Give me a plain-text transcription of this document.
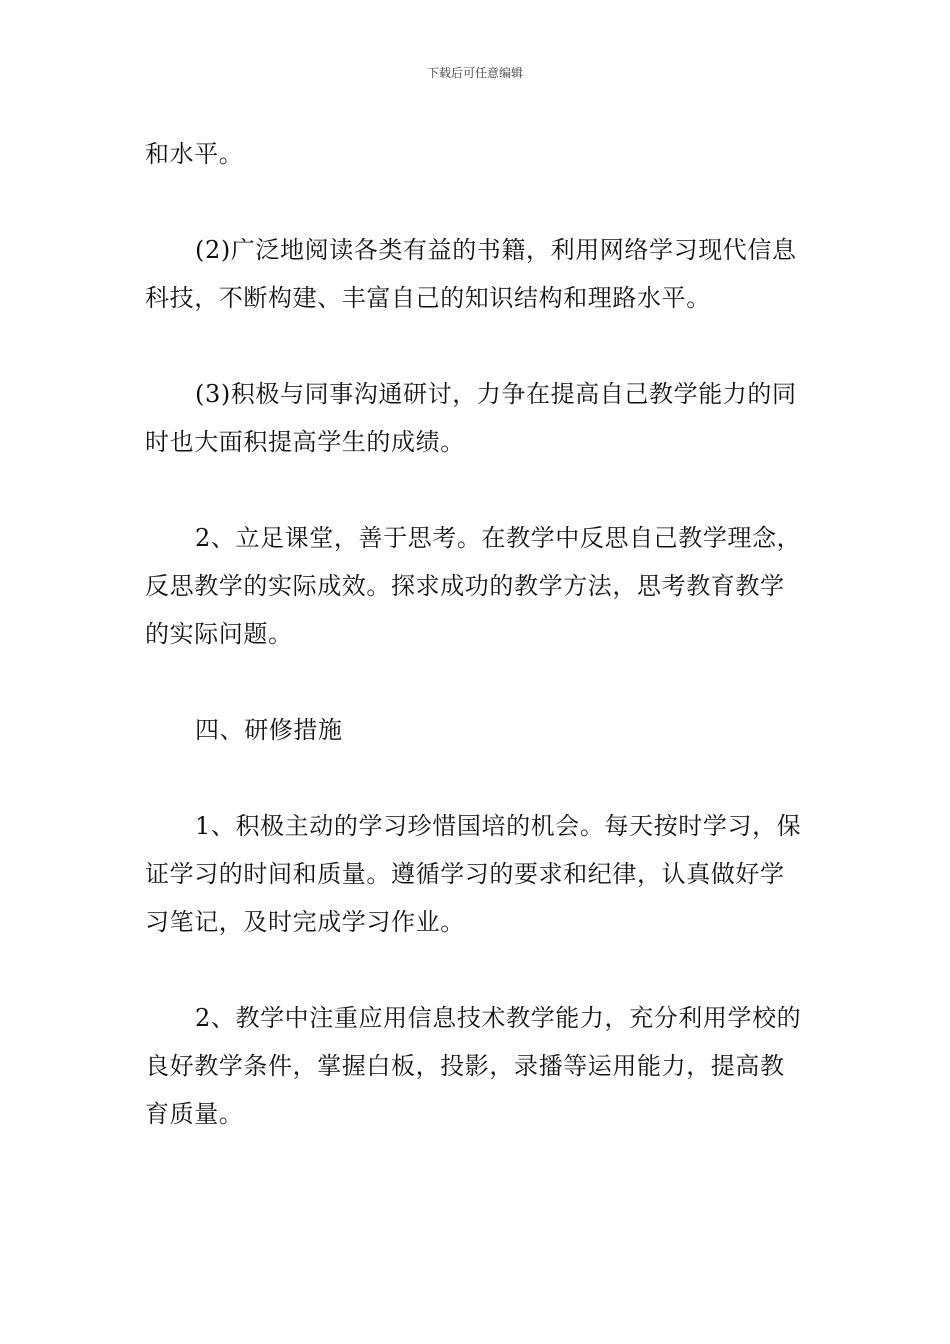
下载后可任意编辑

和水平。

(2)广泛地阅读各类有益的书籍，利用网络学习现代信息科技，不断构建、丰富自己的知识结构和理路水平。

(3)积极与同事沟通研讨，力争在提高自己教学能力的同时也大面积提高学生的成绩。

2、立足课堂，善于思考。在教学中反思自己教学理念，反思教学的实际成效。探求成功的教学方法，思考教育教学的实际问题。

四、研修措施

1、积极主动的学习珍惜国培的机会。每天按时学习，保证学习的时间和质量。遵循学习的要求和纪律，认真做好学习笔记，及时完成学习作业。

2、教学中注重应用信息技术教学能力，充分利用学校的良好教学条件，掌握白板，投影，录播等运用能力，提高教育质量。
